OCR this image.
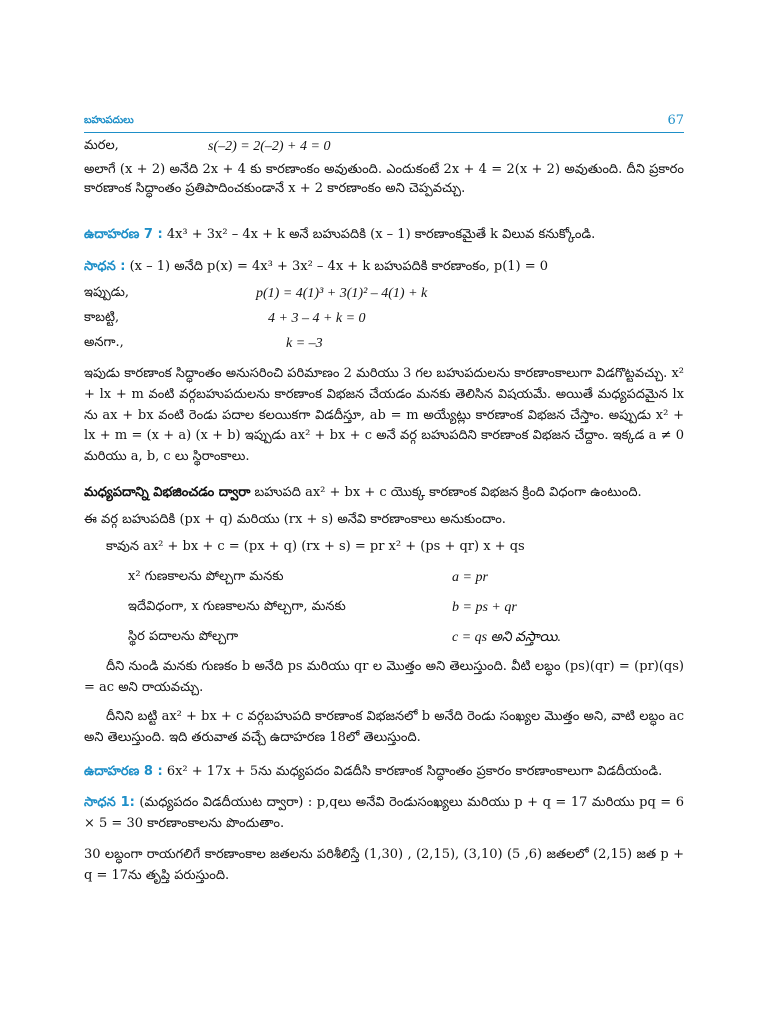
బహుపదులు	67
మరల,	s(–2) = 2(–2) + 4 = 0

అలాగే (x + 2) అనేది 2x + 4 కు కారణాంకం అవుతుంది. ఎందుకంటే 2x + 4 = 2(x + 2) అవుతుంది. దీని ప్రకారం కారణాంక సిద్ధాంతం ప్రతిపాదించకుండానే x + 2 కారణాంకం అని చెప్పవచ్చు.

ఉదాహరణ 7 : 4x³ + 3x² – 4x + k అనే బహుపదికి (x – 1) కారణాంకమైతే k విలువ కనుక్కోండి.

సాధన : (x – 1) అనేది p(x) = 4x³ + 3x² – 4x + k బహుపదికి కారణాంకం, p(1) = 0

ఇప్పుడు,	p(1) = 4(1)³ + 3(1)² – 4(1) + k
కాబట్టి,	4 + 3 – 4 + k = 0
అనగా.,	k = –3

ఇపుడు కారణాంక సిద్ధాంతం అనుసరించి పరిమాణం 2 మరియు 3 గల బహుపదులను కారణాంకాలుగా విడగొట్టవచ్చు. x² + lx + m వంటి వర్గబహుపదులను కారణాంక విభజన చేయడం మనకు తెలిసిన విషయమే. అయితే మధ్యపదమైన lx ను ax + bx వంటి రెండు పదాల కలయికగా విడదీస్తూ, ab = m అయ్యేట్లు కారణాంక విభజన చేస్తాం. అప్పుడు x² + lx + m = (x + a) (x + b) ఇప్పుడు ax² + bx + c అనే వర్గ బహుపదిని కారణాంక విభజన చేద్దాం. ఇక్కడ a ≠ 0 మరియు a, b, c లు స్థిరాంకాలు.

మధ్యపదాన్ని విభజించడం ద్వారా బహుపది ax² + bx + c యొక్క కారణాంక విభజన క్రింది విధంగా ఉంటుంది.

ఈ వర్గ బహుపదికి (px + q) మరియు (rx + s) అనేవి కారణాంకాలు అనుకుందాం.

కావున ax² + bx + c = (px + q) (rx + s) = pr x² + (ps + qr) x + qs
x² గుణకాలను పోల్చగా మనకు	a = pr
ఇదేవిధంగా, x గుణకాలను పోల్చగా, మనకు	b = ps + qr
స్థిర పదాలను పోల్చగా	c = qs అని వస్తాయి.

దీని నుండి మనకు గుణకం b అనేది ps మరియు qr ల మొత్తం అని తెలుస్తుంది. వీటి లబ్ధం (ps)(qr) = (pr)(qs) = ac అని రాయవచ్చు.

దీనిని బట్టి ax² + bx + c వర్గబహుపది కారణాంక విభజనలో b అనేది రెండు సంఖ్యల మొత్తం అని, వాటి లబ్ధం ac అని తెలుస్తుంది. ఇది తరువాత వచ్చే ఉదాహరణ 18లో తెలుస్తుంది.

ఉదాహరణ 8 : 6x² + 17x + 5ను మధ్యపదం విడదీసి కారణాంక సిద్ధాంతం ప్రకారం కారణాంకాలుగా విడదీయండి.

సాధన 1: (మధ్యపదం విడదీయుట ద్వారా) : p,qలు అనేవి రెండుసంఖ్యలు మరియు p + q = 17 మరియు pq = 6 × 5 = 30 కారణాంకాలను పొందుతాం.

30 లబ్ధంగా రాయగలిగే కారణాంకాల జతలను పరిశీలిస్తే (1,30) , (2,15), (3,10) (5 ,6) జతలలో (2,15) జత p + q = 17ను తృప్తి పరుస్తుంది.
